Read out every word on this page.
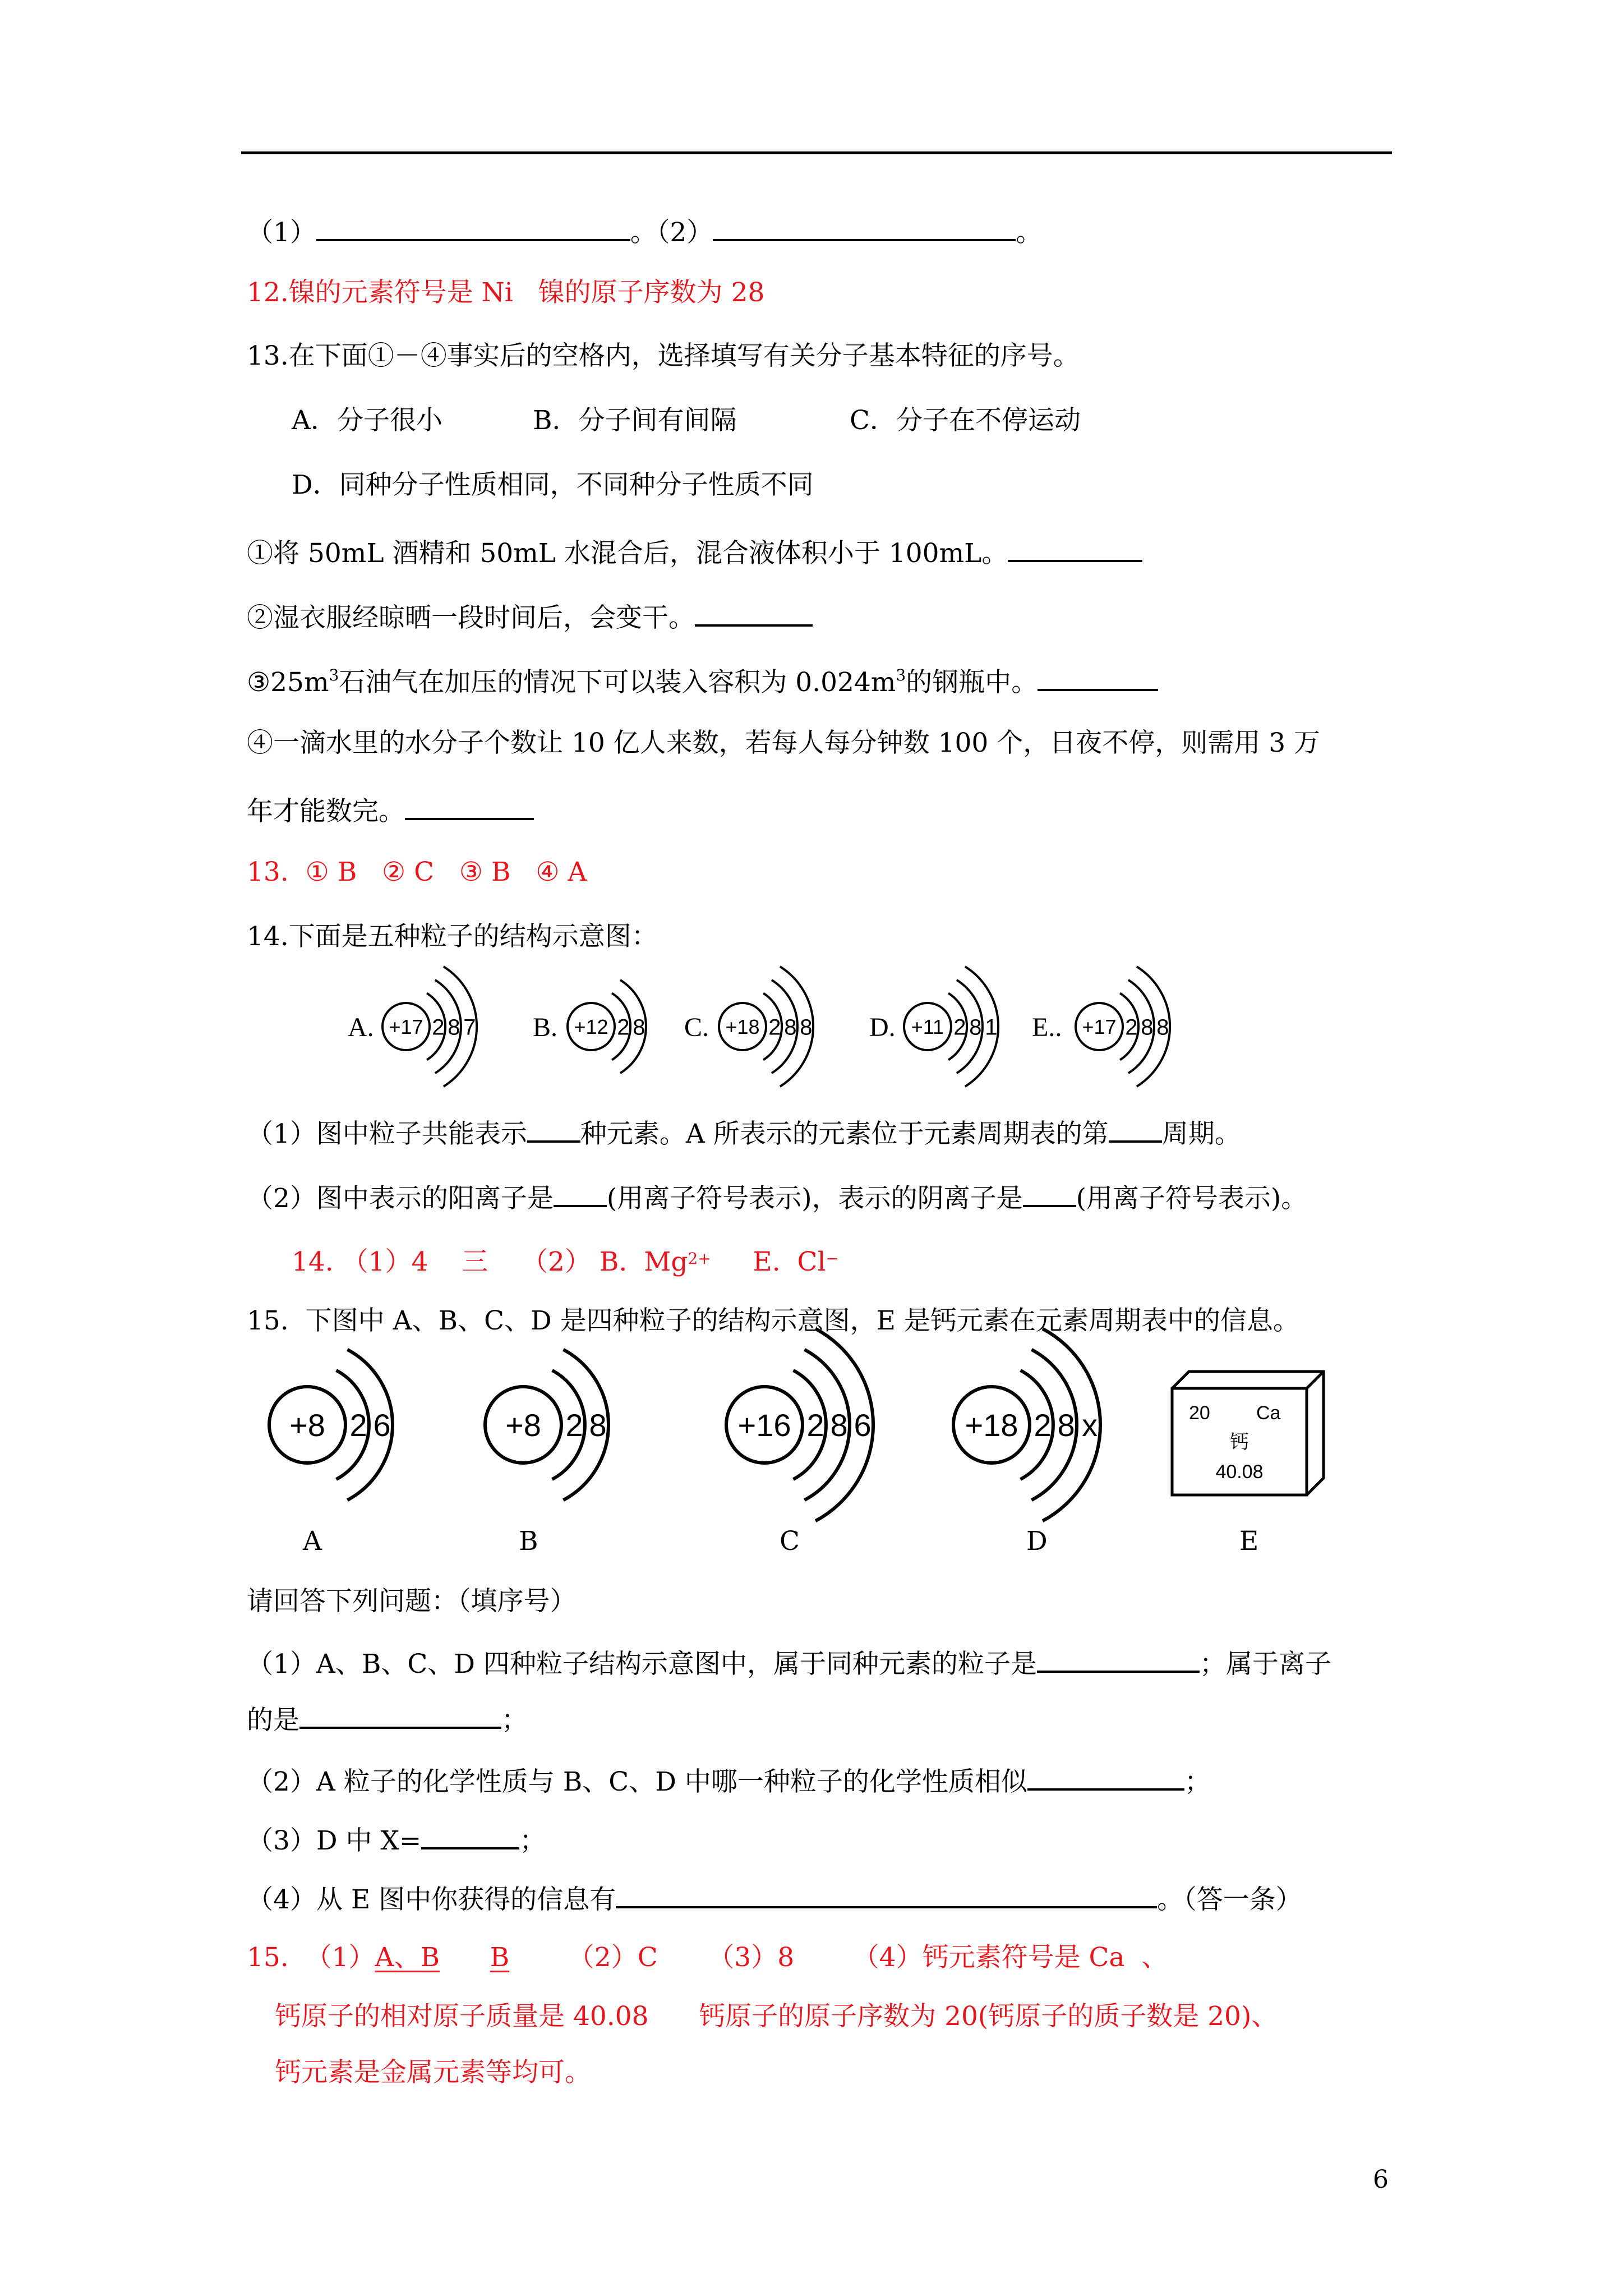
（1）	。（2）	。
12.镍的元素符号是 Ni   镍的原子序数为 28
13.在下面①－④事实后的空格内，选择填写有关分子基本特征的序号。
A．分子很小	B．分子间有间隔	C．分子在不停运动
D．同种分子性质相同，不同种分子性质不同
①将 50mL 酒精和 50mL 水混合后，混合液体积小于 100mL。
②湿衣服经晾晒一段时间后，会变干。
$③25m^3$石油气在加压的情况下可以装入容积为 $0.024m^3$的钢瓶中。
④一滴水里的水分子个数让 10 亿人来数，若每人每分钟数 100 个，日夜不停，则需用 3 万
年才能数完。
13.  ① B   ② C   ③ B   ④ A
14.下面是五种粒子的结构示意图：
A. +17 2 8 7 B. +12 2 8 C. +18 2 8 8 D. +11 2 8 1 E.. +17 2 8 8
（1）图中粒子共能表示 种元素。A 所表示的元素位于元素周期表的第 周期。
（2）图中表示的阳离子是 (用离子符号表示)，表示的阴离子是 (用离子符号表示)。
14. （1）4    三    （2） B.  $Mg^{2+}$     E.  Cl−
15.  下图中 A、B、C、D 是四种粒子的结构示意图，E 是钙元素在元素周期表中的信息。
+8 2 6	+8 2 8	+16 2 8 6	+18 2 8 x	20 Ca
钙
40.08
A	B	C	D	E
请回答下列问题：（填序号）
（1）A、B、C、D 四种粒子结构示意图中，属于同种元素的粒子是	；属于离子
的是	；
（2）A 粒子的化学性质与 B、C、D 中哪一种粒子的化学性质相似	；
（3）D 中 X=	；
（4）从 E 图中你获得的信息有	。（答一条）
15.  （1）A、B B （2）C      （3）8       （4）钙元素符号是 Ca  、
钙原子的相对原子质量是 40.08      钙原子的原子序数为 20(钙原子的质子数是 20)、
钙元素是金属元素等均可。
6
